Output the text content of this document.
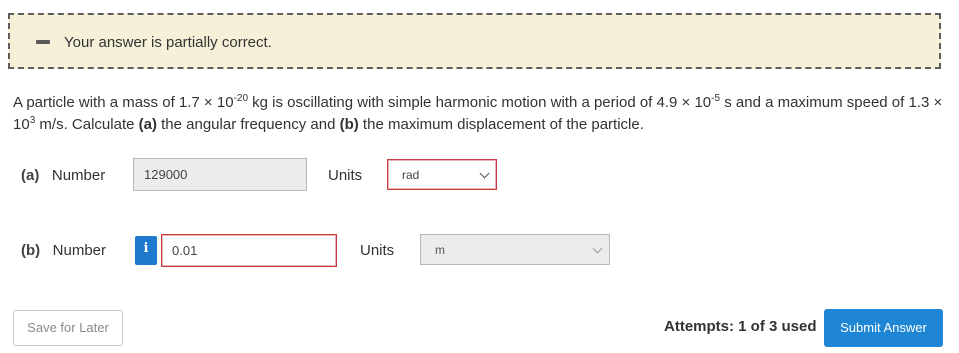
Your answer is partially correct.
A particle with a mass of $1.7 \times 10^{-20}$ kg is oscillating with simple harmonic motion with a period of $4.9 \times 10^{-5}$ s and a maximum speed of $1.3 \times 10^3$ m/s. Calculate (a) the angular frequency and (b) the maximum displacement of the particle.
(a) Number	129000	Units	rad
(b) Number	i	0.01	Units	m
Save for Later	Attempts: 1 of 3 used	Submit Answer
